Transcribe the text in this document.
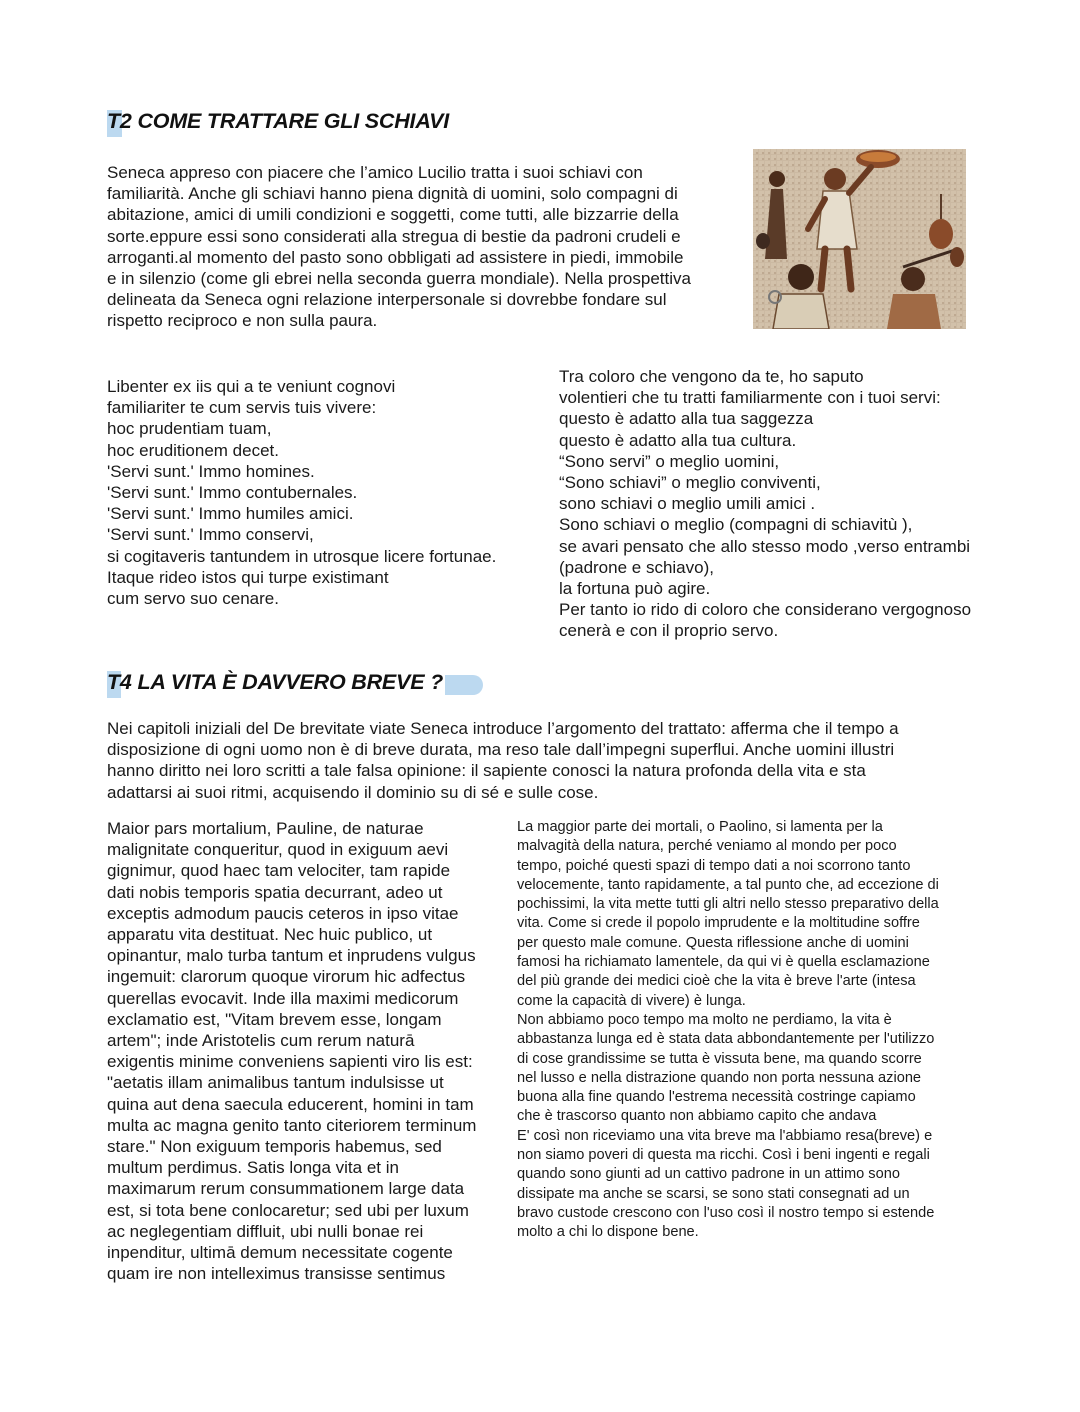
T2 COME TRATTARE GLI SCHIAVI
Seneca appreso con piacere che l’amico Lucilio tratta i suoi schiavi con
familiarità. Anche gli schiavi hanno piena dignità di uomini, solo compagni di
abitazione, amici di umili condizioni e soggetti, come tutti, alle bizzarrie della
sorte.eppure essi sono considerati alla stregua di bestie da padroni crudeli e
arroganti.al momento del pasto sono obbligati ad assistere in piedi, immobile
e in silenzio (come gli ebrei nella seconda guerra mondiale). Nella prospettiva
delineata da Seneca ogni relazione interpersonale si dovrebbe fondare sul
rispetto reciproco e non sulla paura.
Libenter ex iis qui a te veniunt cognovi
familiariter te cum servis tuis vivere:
hoc prudentiam tuam,
hoc eruditionem decet.
'Servi sunt.' Immo homines.
'Servi sunt.' Immo contubernales.
'Servi sunt.' Immo humiles amici.
'Servi sunt.' Immo conservi,
si cogitaveris tantundem in utrosque licere fortunae.
Itaque rideo istos qui turpe existimant
cum servo suo cenare.
Tra coloro che vengono da te, ho saputo
volentieri che tu tratti familiarmente con i tuoi servi:
questo è adatto alla tua saggezza
questo è adatto alla tua cultura.
“Sono servi” o meglio uomini,
“Sono schiavi” o meglio conviventi,
sono schiavi o meglio umili amici .
Sono schiavi o meglio (compagni di schiavitù ),
se avari pensato che allo stesso modo ,verso entrambi
(padrone e schiavo),
la fortuna può agire.
Per tanto io rido di coloro che considerano vergognoso
cenerà e con il proprio servo.
T4 LA VITA È DAVVERO BREVE ?
Nei capitoli iniziali del De brevitate viate Seneca introduce l’argomento del trattato: afferma che il tempo a
disposizione di ogni uomo non è di breve durata, ma reso tale dall’impegni superflui. Anche uomini illustri
hanno diritto nei loro scritti a tale falsa opinione: il sapiente conosci la natura profonda della vita e sta
adattarsi ai suoi ritmi, acquisendo il dominio su di sé e sulle cose.
Maior pars mortalium, Pauline, de naturae
malignitate conqueritur, quod in exiguum aevi
gignimur, quod haec tam velociter, tam rapide
dati nobis temporis spatia decurrant, adeo ut
exceptis admodum paucis ceteros in ipso vitae
apparatu vita destituat. Nec huic publico, ut
opinantur, malo turba tantum et inprudens vulgus
ingemuit: clarorum quoque virorum hic adfectus
querellas evocavit. Inde illa maximi medicorum
exclamatio est, "Vitam brevem esse, longam
artem"; inde Aristotelis cum rerum naturā
exigentis minime conveniens sapienti viro lis est:
"aetatis illam animalibus tantum indulsisse ut
quina aut dena saecula educerent, homini in tam
multa ac magna genito tanto citeriorem terminum
stare." Non exiguum temporis habemus, sed
multum perdimus. Satis longa vita et in
maximarum rerum consummationem large data
est, si tota bene conlocaretur; sed ubi per luxum
ac neglegentiam diffluit, ubi nulli bonae rei
inpenditur, ultimā demum necessitate cogente
quam ire non intelleximus transisse sentimus
La maggior parte dei mortali, o Paolino, si lamenta per la
malvagità della natura, perché veniamo al mondo per poco
tempo, poiché questi spazi di tempo dati a noi scorrono tanto
velocemente, tanto rapidamente, a tal punto che, ad eccezione di
pochissimi, la vita mette tutti gli altri nello stesso preparativo della
vita. Come si crede il popolo imprudente e la moltitudine soffre
per questo male comune. Questa riflessione anche di uomini
famosi ha richiamato lamentele, da qui vi è quella esclamazione
del più grande dei medici cioè che la vita è breve l'arte (intesa
come la capacità di vivere) è lunga.
Non abbiamo poco tempo ma molto ne perdiamo, la vita è
abbastanza lunga ed è stata data abbondantemente per l'utilizzo
di cose grandissime se tutta è vissuta bene, ma quando scorre
nel lusso e nella distrazione quando non porta nessuna azione
buona alla fine quando l'estrema necessità costringe capiamo
che è trascorso quanto non abbiamo capito che andava
E' così non riceviamo una vita breve ma l'abbiamo resa(breve) e
non siamo poveri di questa ma ricchi. Così i beni ingenti e regali
quando sono giunti ad un cattivo padrone in un attimo sono
dissipate ma anche se scarsi, se sono stati consegnati ad un
bravo custode crescono con l'uso così il nostro tempo si estende
molto a chi lo dispone bene.
